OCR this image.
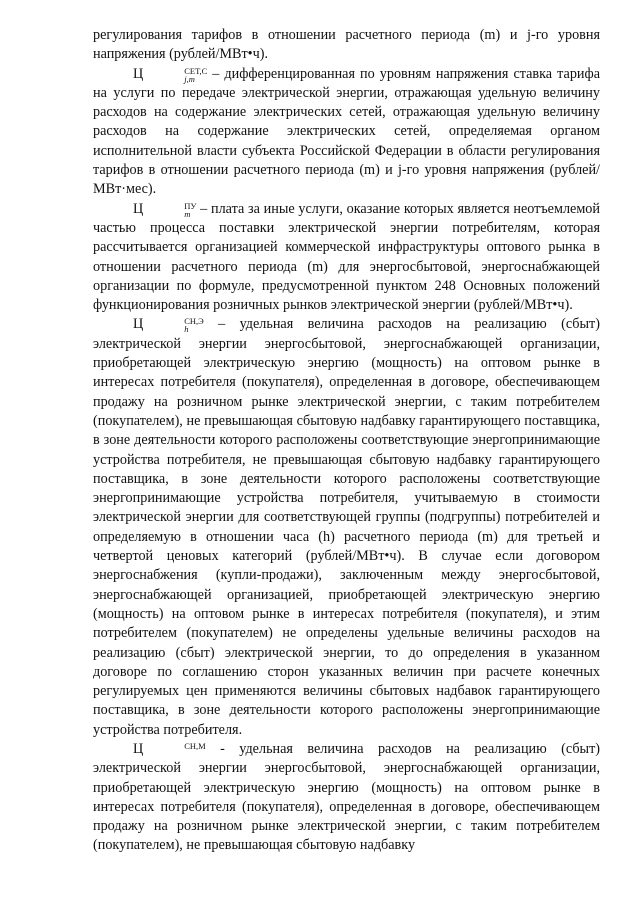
регулирования тарифов в отношении расчетного периода (m) и j-го уровня напряжения (рублей/МВт•ч).

Ц	СЕТ,С
j,m – дифференцированная по уровням напряжения ставка тарифа на услуги по передаче электрической энергии, отражающая удельную величину расходов на содержание электрических сетей, отражающая удельную величину расходов на содержание электрических сетей, определяемая органом исполнительной власти субъекта Российской Федерации в области регулирования тарифов в отношении расчетного периода (m) и j-го уровня напряжения (рублей/МВт·мес).

Ц	ПУ
m – плата за иные услуги, оказание которых является неотъемлемой частью процесса поставки электрической энергии потребителям, которая рассчитывается организацией коммерческой инфраструктуры оптового рынка в отношении расчетного периода (m) для энергосбытовой, энергоснабжающей организации по формуле, предусмотренной пунктом 248 Основных положений функционирования розничных рынков электрической энергии (рублей/МВт•ч).

Ц	СН,Э
h	– удельная величина расходов на реализацию (сбыт) электрической энергии энергосбытовой, энергоснабжающей организации, приобретающей электрическую энергию (мощность) на оптовом рынке в интересах потребителя (покупателя), определенная в договоре, обеспечивающем продажу на розничном рынке электрической энергии, с таким потребителем (покупателем), не превышающая сбытовую надбавку гарантирующего поставщика, в зоне деятельности которого расположены соответствующие энергопринимающие устройства потребителя, не превышающая сбытовую надбавку гарантирующего поставщика, в зоне деятельности которого расположены соответствующие энергопринимающие устройства потребителя, учитываемую в стоимости электрической энергии для соответствующей группы (подгруппы) потребителей и определяемую в отношении часа (h) расчетного периода (m) для третьей и четвертой ценовых категорий (рублей/МВт•ч). В случае если договором энергоснабжения (купли-продажи), заключенным между энергосбытовой, энергоснабжающей организацией, приобретающей электрическую энергию (мощность) на оптовом рынке в интересах потребителя (покупателя), и этим потребителем (покупателем) не определены удельные величины расходов на реализацию (сбыт) электрической энергии, то до определения в указанном договоре по соглашению сторон указанных величин при расчете конечных регулируемых цен применяются величины сбытовых надбавок гарантирующего поставщика, в зоне деятельности которого расположены энергопринимающие устройства потребителя.

Ц	СН,М
- удельная величина расходов на реализацию (сбыт) электрической энергии энергосбытовой, энергоснабжающей организации, приобретающей электрическую энергию (мощность) на оптовом рынке в интересах потребителя (покупателя), определенная в договоре, обеспечивающем продажу на розничном рынке электрической энергии, с таким потребителем (покупателем), не превышающая сбытовую надбавку
